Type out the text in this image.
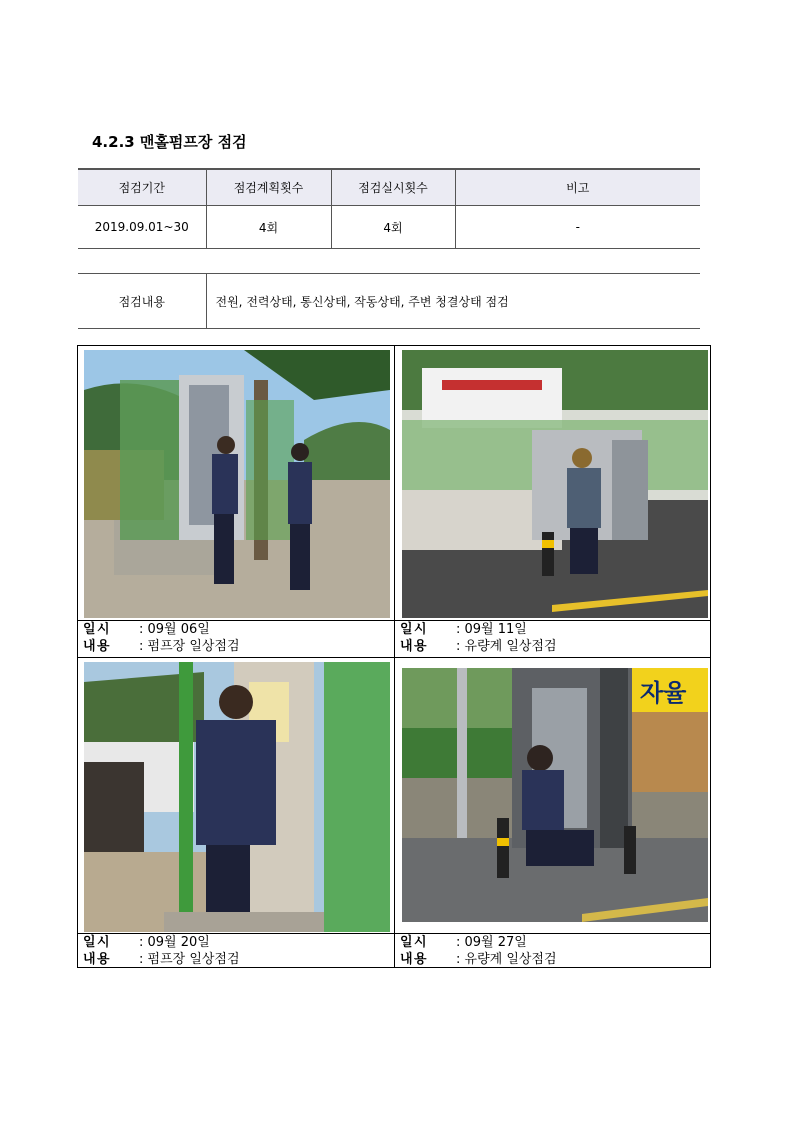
4.2.3 맨홀펌프장 점검
점검기간	점검계획횟수	점검실시횟수	비고
2019.09.01~30	4회	4회	-
점검내용	전원, 전력상태, 통신상태, 작동상태, 주변 청결상태 점검
일시 : 09월 06일
내용 : 펌프장 일상점검
일시 : 09월 11일
내용 : 유량계 일상점검
일시 : 09월 20일
내용 : 펌프장 일상점검
자율
일시 : 09월 27일
내용 : 유량계 일상점검
